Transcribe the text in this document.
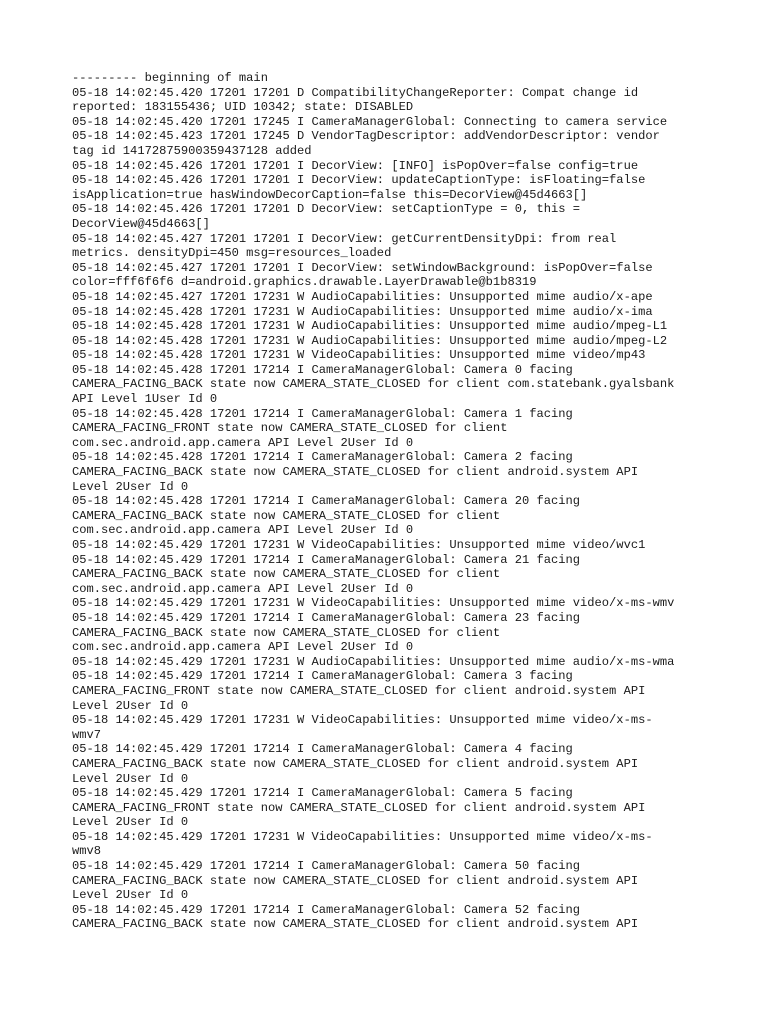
--------- beginning of main

05-18 14:02:45.420 17201 17201 D CompatibilityChangeReporter: Compat change id
reported: 183155436; UID 10342; state: DISABLED

05-18 14:02:45.420 17201 17245 I CameraManagerGlobal: Connecting to camera service

05-18 14:02:45.423 17201 17245 D VendorTagDescriptor: addVendorDescriptor: vendor
tag id 14172875900359437128 added

05-18 14:02:45.426 17201 17201 I DecorView: [INFO] isPopOver=false config=true

05-18 14:02:45.426 17201 17201 I DecorView: updateCaptionType: isFloating=false
isApplication=true hasWindowDecorCaption=false this=DecorView@45d4663[]

05-18 14:02:45.426 17201 17201 D DecorView: setCaptionType = 0, this =
DecorView@45d4663[]

05-18 14:02:45.427 17201 17201 I DecorView: getCurrentDensityDpi: from real
metrics. densityDpi=450 msg=resources_loaded

05-18 14:02:45.427 17201 17201 I DecorView: setWindowBackground: isPopOver=false
color=fff6f6f6 d=android.graphics.drawable.LayerDrawable@b1b8319

05-18 14:02:45.427 17201 17231 W AudioCapabilities: Unsupported mime audio/x-ape

05-18 14:02:45.428 17201 17231 W AudioCapabilities: Unsupported mime audio/x-ima

05-18 14:02:45.428 17201 17231 W AudioCapabilities: Unsupported mime audio/mpeg-L1

05-18 14:02:45.428 17201 17231 W AudioCapabilities: Unsupported mime audio/mpeg-L2

05-18 14:02:45.428 17201 17231 W VideoCapabilities: Unsupported mime video/mp43

05-18 14:02:45.428 17201 17214 I CameraManagerGlobal: Camera 0 facing
CAMERA_FACING_BACK state now CAMERA_STATE_CLOSED for client com.statebank.gyalsbank
API Level 1User Id 0

05-18 14:02:45.428 17201 17214 I CameraManagerGlobal: Camera 1 facing
CAMERA_FACING_FRONT state now CAMERA_STATE_CLOSED for client
com.sec.android.app.camera API Level 2User Id 0

05-18 14:02:45.428 17201 17214 I CameraManagerGlobal: Camera 2 facing
CAMERA_FACING_BACK state now CAMERA_STATE_CLOSED for client android.system API
Level 2User Id 0

05-18 14:02:45.428 17201 17214 I CameraManagerGlobal: Camera 20 facing
CAMERA_FACING_BACK state now CAMERA_STATE_CLOSED for client
com.sec.android.app.camera API Level 2User Id 0

05-18 14:02:45.429 17201 17231 W VideoCapabilities: Unsupported mime video/wvc1

05-18 14:02:45.429 17201 17214 I CameraManagerGlobal: Camera 21 facing
CAMERA_FACING_BACK state now CAMERA_STATE_CLOSED for client
com.sec.android.app.camera API Level 2User Id 0

05-18 14:02:45.429 17201 17231 W VideoCapabilities: Unsupported mime video/x-ms-wmv

05-18 14:02:45.429 17201 17214 I CameraManagerGlobal: Camera 23 facing
CAMERA_FACING_BACK state now CAMERA_STATE_CLOSED for client
com.sec.android.app.camera API Level 2User Id 0

05-18 14:02:45.429 17201 17231 W AudioCapabilities: Unsupported mime audio/x-ms-wma

05-18 14:02:45.429 17201 17214 I CameraManagerGlobal: Camera 3 facing
CAMERA_FACING_FRONT state now CAMERA_STATE_CLOSED for client android.system API
Level 2User Id 0

05-18 14:02:45.429 17201 17231 W VideoCapabilities: Unsupported mime video/x-ms-
wmv7

05-18 14:02:45.429 17201 17214 I CameraManagerGlobal: Camera 4 facing
CAMERA_FACING_BACK state now CAMERA_STATE_CLOSED for client android.system API
Level 2User Id 0

05-18 14:02:45.429 17201 17214 I CameraManagerGlobal: Camera 5 facing
CAMERA_FACING_FRONT state now CAMERA_STATE_CLOSED for client android.system API
Level 2User Id 0

05-18 14:02:45.429 17201 17231 W VideoCapabilities: Unsupported mime video/x-ms-
wmv8

05-18 14:02:45.429 17201 17214 I CameraManagerGlobal: Camera 50 facing
CAMERA_FACING_BACK state now CAMERA_STATE_CLOSED for client android.system API
Level 2User Id 0

05-18 14:02:45.429 17201 17214 I CameraManagerGlobal: Camera 52 facing
CAMERA_FACING_BACK state now CAMERA_STATE_CLOSED for client android.system API
